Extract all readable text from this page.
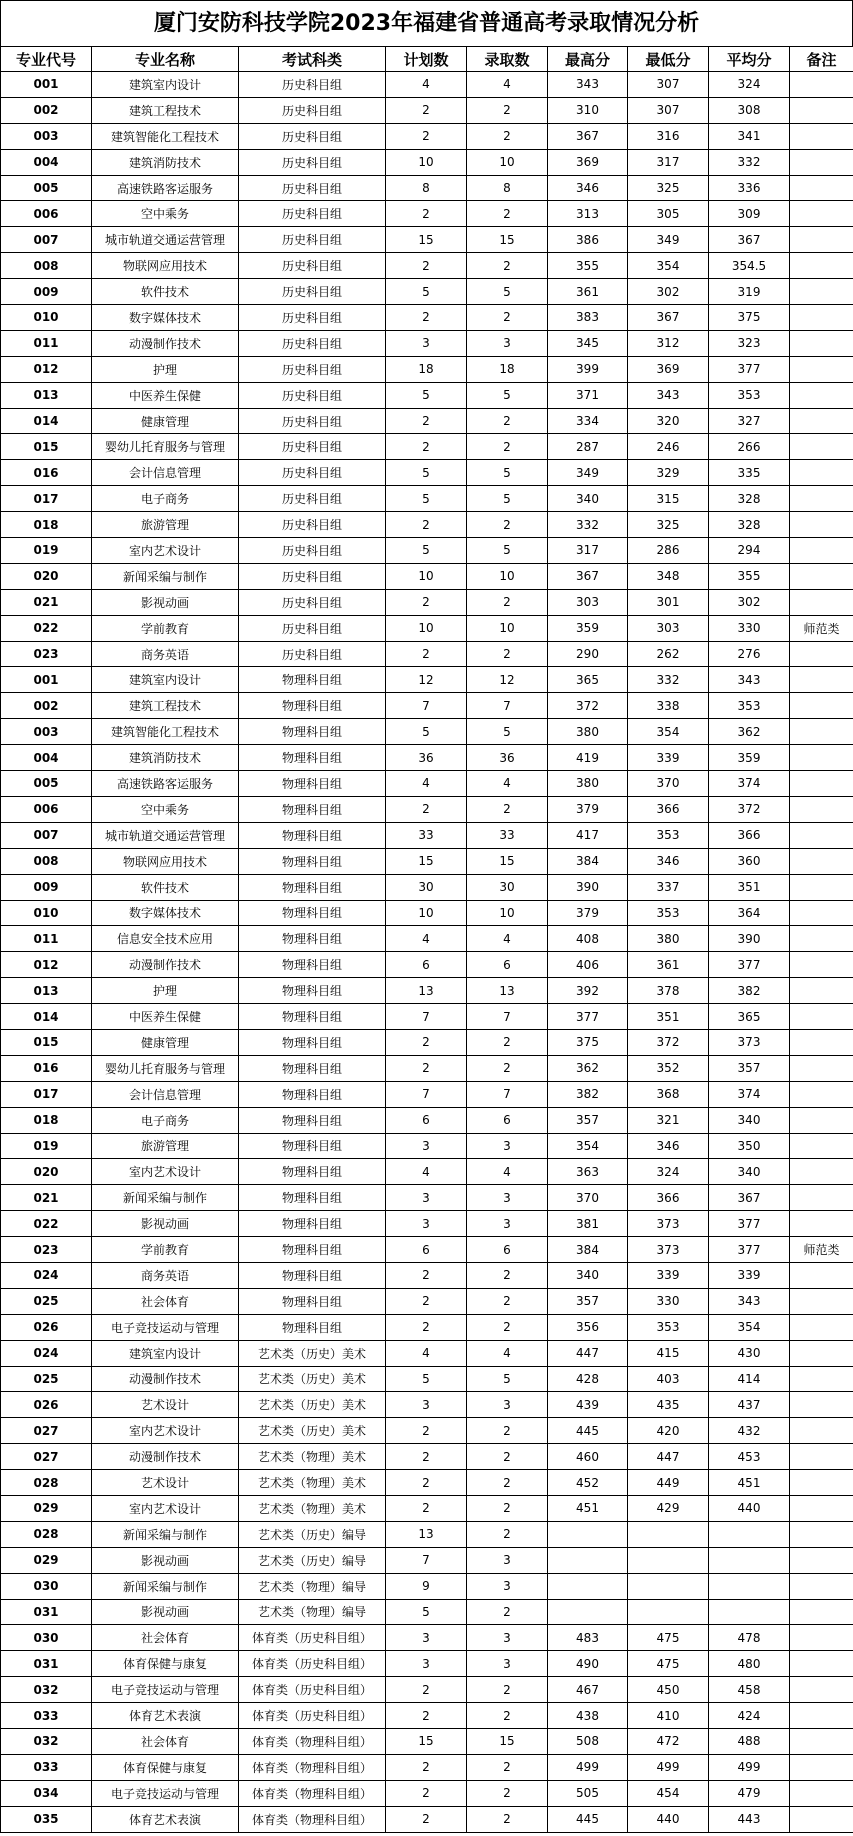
厦门安防科技学院2023年福建省普通高考录取情况分析
专业代号	专业名称	考试科类	计划数	录取数	最高分	最低分	平均分	备注
001	建筑室内设计	历史科目组	4	4	343	307	324	
002	建筑工程技术	历史科目组	2	2	310	307	308	
003	建筑智能化工程技术	历史科目组	2	2	367	316	341	
004	建筑消防技术	历史科目组	10	10	369	317	332	
005	高速铁路客运服务	历史科目组	8	8	346	325	336	
006	空中乘务	历史科目组	2	2	313	305	309	
007	城市轨道交通运营管理	历史科目组	15	15	386	349	367	
008	物联网应用技术	历史科目组	2	2	355	354	354.5	
009	软件技术	历史科目组	5	5	361	302	319	
010	数字媒体技术	历史科目组	2	2	383	367	375	
011	动漫制作技术	历史科目组	3	3	345	312	323	
012	护理	历史科目组	18	18	399	369	377	
013	中医养生保健	历史科目组	5	5	371	343	353	
014	健康管理	历史科目组	2	2	334	320	327	
015	婴幼儿托育服务与管理	历史科目组	2	2	287	246	266	
016	会计信息管理	历史科目组	5	5	349	329	335	
017	电子商务	历史科目组	5	5	340	315	328	
018	旅游管理	历史科目组	2	2	332	325	328	
019	室内艺术设计	历史科目组	5	5	317	286	294	
020	新闻采编与制作	历史科目组	10	10	367	348	355	
021	影视动画	历史科目组	2	2	303	301	302	
022	学前教育	历史科目组	10	10	359	303	330	师范类
023	商务英语	历史科目组	2	2	290	262	276	
001	建筑室内设计	物理科目组	12	12	365	332	343	
002	建筑工程技术	物理科目组	7	7	372	338	353	
003	建筑智能化工程技术	物理科目组	5	5	380	354	362	
004	建筑消防技术	物理科目组	36	36	419	339	359	
005	高速铁路客运服务	物理科目组	4	4	380	370	374	
006	空中乘务	物理科目组	2	2	379	366	372	
007	城市轨道交通运营管理	物理科目组	33	33	417	353	366	
008	物联网应用技术	物理科目组	15	15	384	346	360	
009	软件技术	物理科目组	30	30	390	337	351	
010	数字媒体技术	物理科目组	10	10	379	353	364	
011	信息安全技术应用	物理科目组	4	4	408	380	390	
012	动漫制作技术	物理科目组	6	6	406	361	377	
013	护理	物理科目组	13	13	392	378	382	
014	中医养生保健	物理科目组	7	7	377	351	365	
015	健康管理	物理科目组	2	2	375	372	373	
016	婴幼儿托育服务与管理	物理科目组	2	2	362	352	357	
017	会计信息管理	物理科目组	7	7	382	368	374	
018	电子商务	物理科目组	6	6	357	321	340	
019	旅游管理	物理科目组	3	3	354	346	350	
020	室内艺术设计	物理科目组	4	4	363	324	340	
021	新闻采编与制作	物理科目组	3	3	370	366	367	
022	影视动画	物理科目组	3	3	381	373	377	
023	学前教育	物理科目组	6	6	384	373	377	师范类
024	商务英语	物理科目组	2	2	340	339	339	
025	社会体育	物理科目组	2	2	357	330	343	
026	电子竞技运动与管理	物理科目组	2	2	356	353	354	
024	建筑室内设计	艺术类（历史）美术	4	4	447	415	430	
025	动漫制作技术	艺术类（历史）美术	5	5	428	403	414	
026	艺术设计	艺术类（历史）美术	3	3	439	435	437	
027	室内艺术设计	艺术类（历史）美术	2	2	445	420	432	
027	动漫制作技术	艺术类（物理）美术	2	2	460	447	453	
028	艺术设计	艺术类（物理）美术	2	2	452	449	451	
029	室内艺术设计	艺术类（物理）美术	2	2	451	429	440	
028	新闻采编与制作	艺术类（历史）编导	13	2				
029	影视动画	艺术类（历史）编导	7	3				
030	新闻采编与制作	艺术类（物理）编导	9	3				
031	影视动画	艺术类（物理）编导	5	2				
030	社会体育	体育类（历史科目组）	3	3	483	475	478	
031	体育保健与康复	体育类（历史科目组）	3	3	490	475	480	
032	电子竞技运动与管理	体育类（历史科目组）	2	2	467	450	458	
033	体育艺术表演	体育类（历史科目组）	2	2	438	410	424	
032	社会体育	体育类（物理科目组）	15	15	508	472	488	
033	体育保健与康复	体育类（物理科目组）	2	2	499	499	499	
034	电子竞技运动与管理	体育类（物理科目组）	2	2	505	454	479	
035	体育艺术表演	体育类（物理科目组）	2	2	445	440	443	
